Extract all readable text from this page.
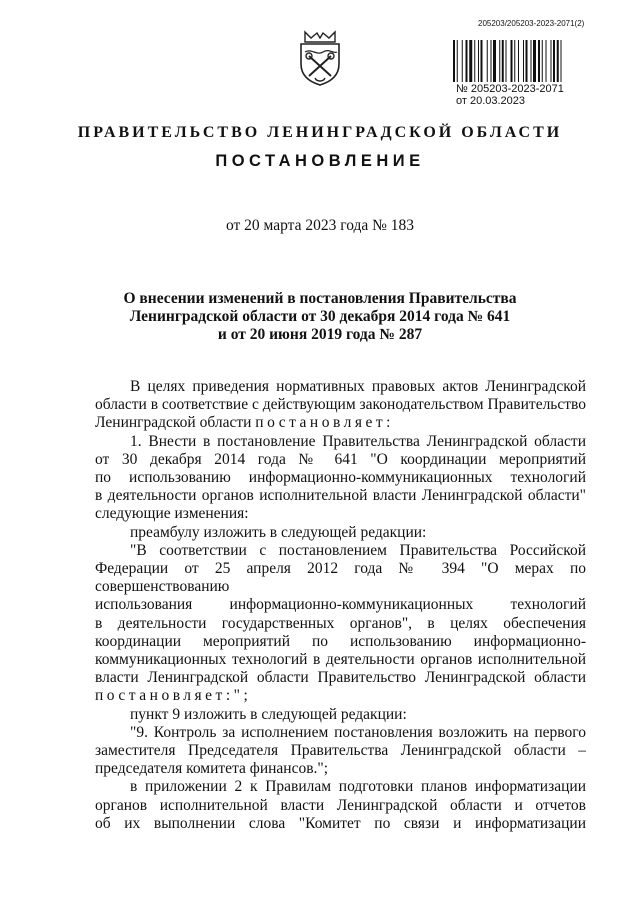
205203/205203-2023-2071(2)
№ 205203-2023-2071
от 20.03.2023
ПРАВИТЕЛЬСТВО ЛЕНИНГРАДСКОЙ ОБЛАСТИ
ПОСТАНОВЛЕНИЕ
от 20 марта 2023 года № 183
О внесении изменений в постановления Правительства
Ленинградской области от 30 декабря 2014 года № 641
и от 20 июня 2019 года № 287

В целях приведения нормативных правовых актов Ленинградской

области в соответствие с действующим законодательством Правительство

Ленинградской области постановляет:

1. Внести в постановление Правительства Ленинградской области

от 30 декабря 2014 года № 641 "О координации мероприятий

по использованию информационно-коммуникационных технологий

в деятельности органов исполнительной власти Ленинградской области"

следующие изменения:

преамбулу изложить в следующей редакции:

"В соответствии с постановлением Правительства Российской

Федерации от 25 апреля 2012 года № 394 "О мерах по совершенствованию

использования информационно-коммуникационных технологий

в деятельности государственных органов", в целях обеспечения

координации мероприятий по использованию информационно-

коммуникационных технологий в деятельности органов исполнительной

власти Ленинградской области Правительство Ленинградской области

постановляет:";

пункт 9 изложить в следующей редакции:

"9. Контроль за исполнением постановления возложить на первого

заместителя Председателя Правительства Ленинградской области –

председателя комитета финансов.";

в приложении 2 к Правилам подготовки планов информатизации

органов исполнительной власти Ленинградской области и отчетов

об их выполнении слова "Комитет по связи и информатизации
